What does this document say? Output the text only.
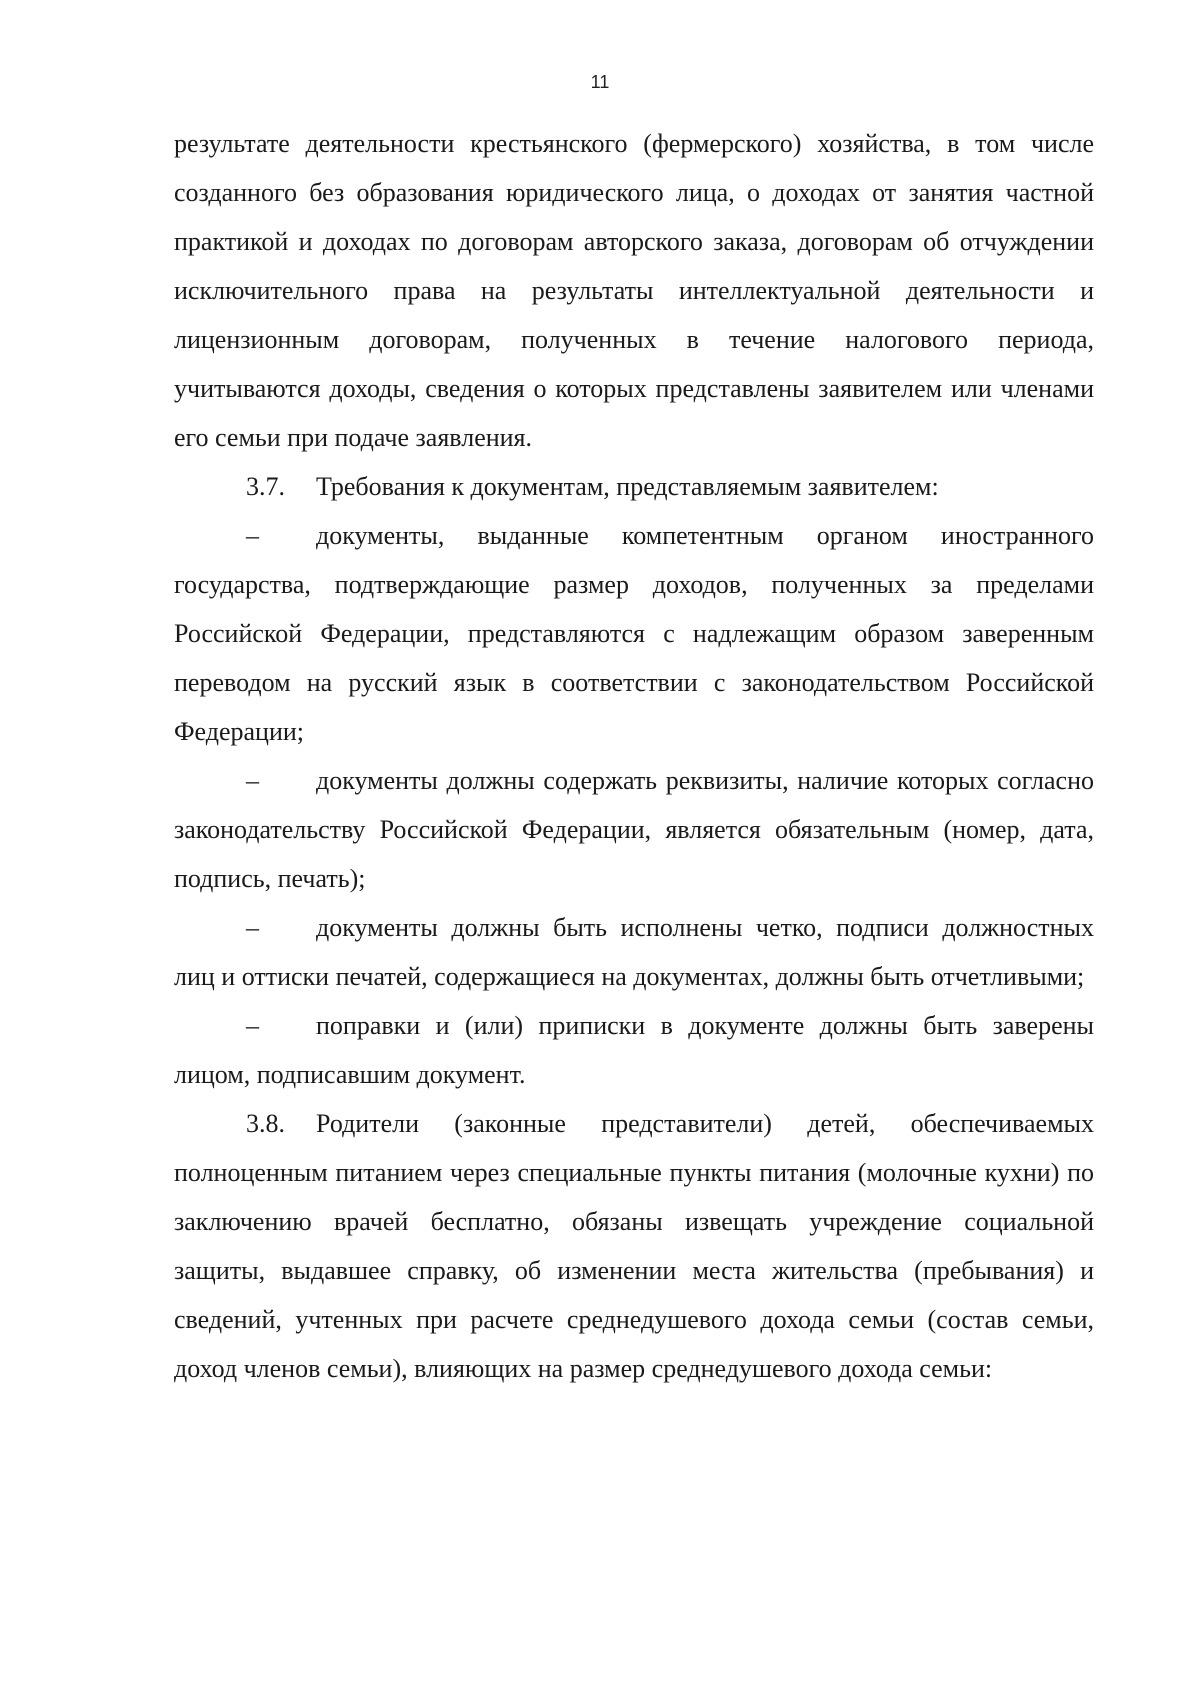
11

результате деятельности крестьянского (фермерского) хозяйства, в том числе созданного без образования юридического лица, о доходах от занятия частной практикой и доходах по договорам авторского заказа, договорам об отчуждении исключительного права на результаты интеллектуальной деятельности и лицензионным договорам, полученных в течение налогового периода, учитываются доходы, сведения о которых представлены заявителем или членами его семьи при подаче заявления.

3.7. Требования к документам, представляемым заявителем:

– документы, выданные компетентным органом иностранного государства, подтверждающие размер доходов, полученных за пределами Российской Федерации, представляются с надлежащим образом заверенным переводом на русский язык в соответствии с законодательством Российской Федерации;

– документы должны содержать реквизиты, наличие которых согласно законодательству Российской Федерации, является обязательным (номер, дата, подпись, печать);

– документы должны быть исполнены четко, подписи должностных лиц и оттиски печатей, содержащиеся на документах, должны быть отчетливыми;

– поправки и (или) приписки в документе должны быть заверены лицом, подписавшим документ.

3.8. Родители (законные представители) детей, обеспечиваемых полноценным питанием через специальные пункты питания (молочные кухни) по заключению врачей бесплатно, обязаны извещать учреждение социальной защиты, выдавшее справку, об изменении места жительства (пребывания) и сведений, учтенных при расчете среднедушевого дохода семьи (состав семьи, доход членов семьи), влияющих на размер среднедушевого дохода семьи:
